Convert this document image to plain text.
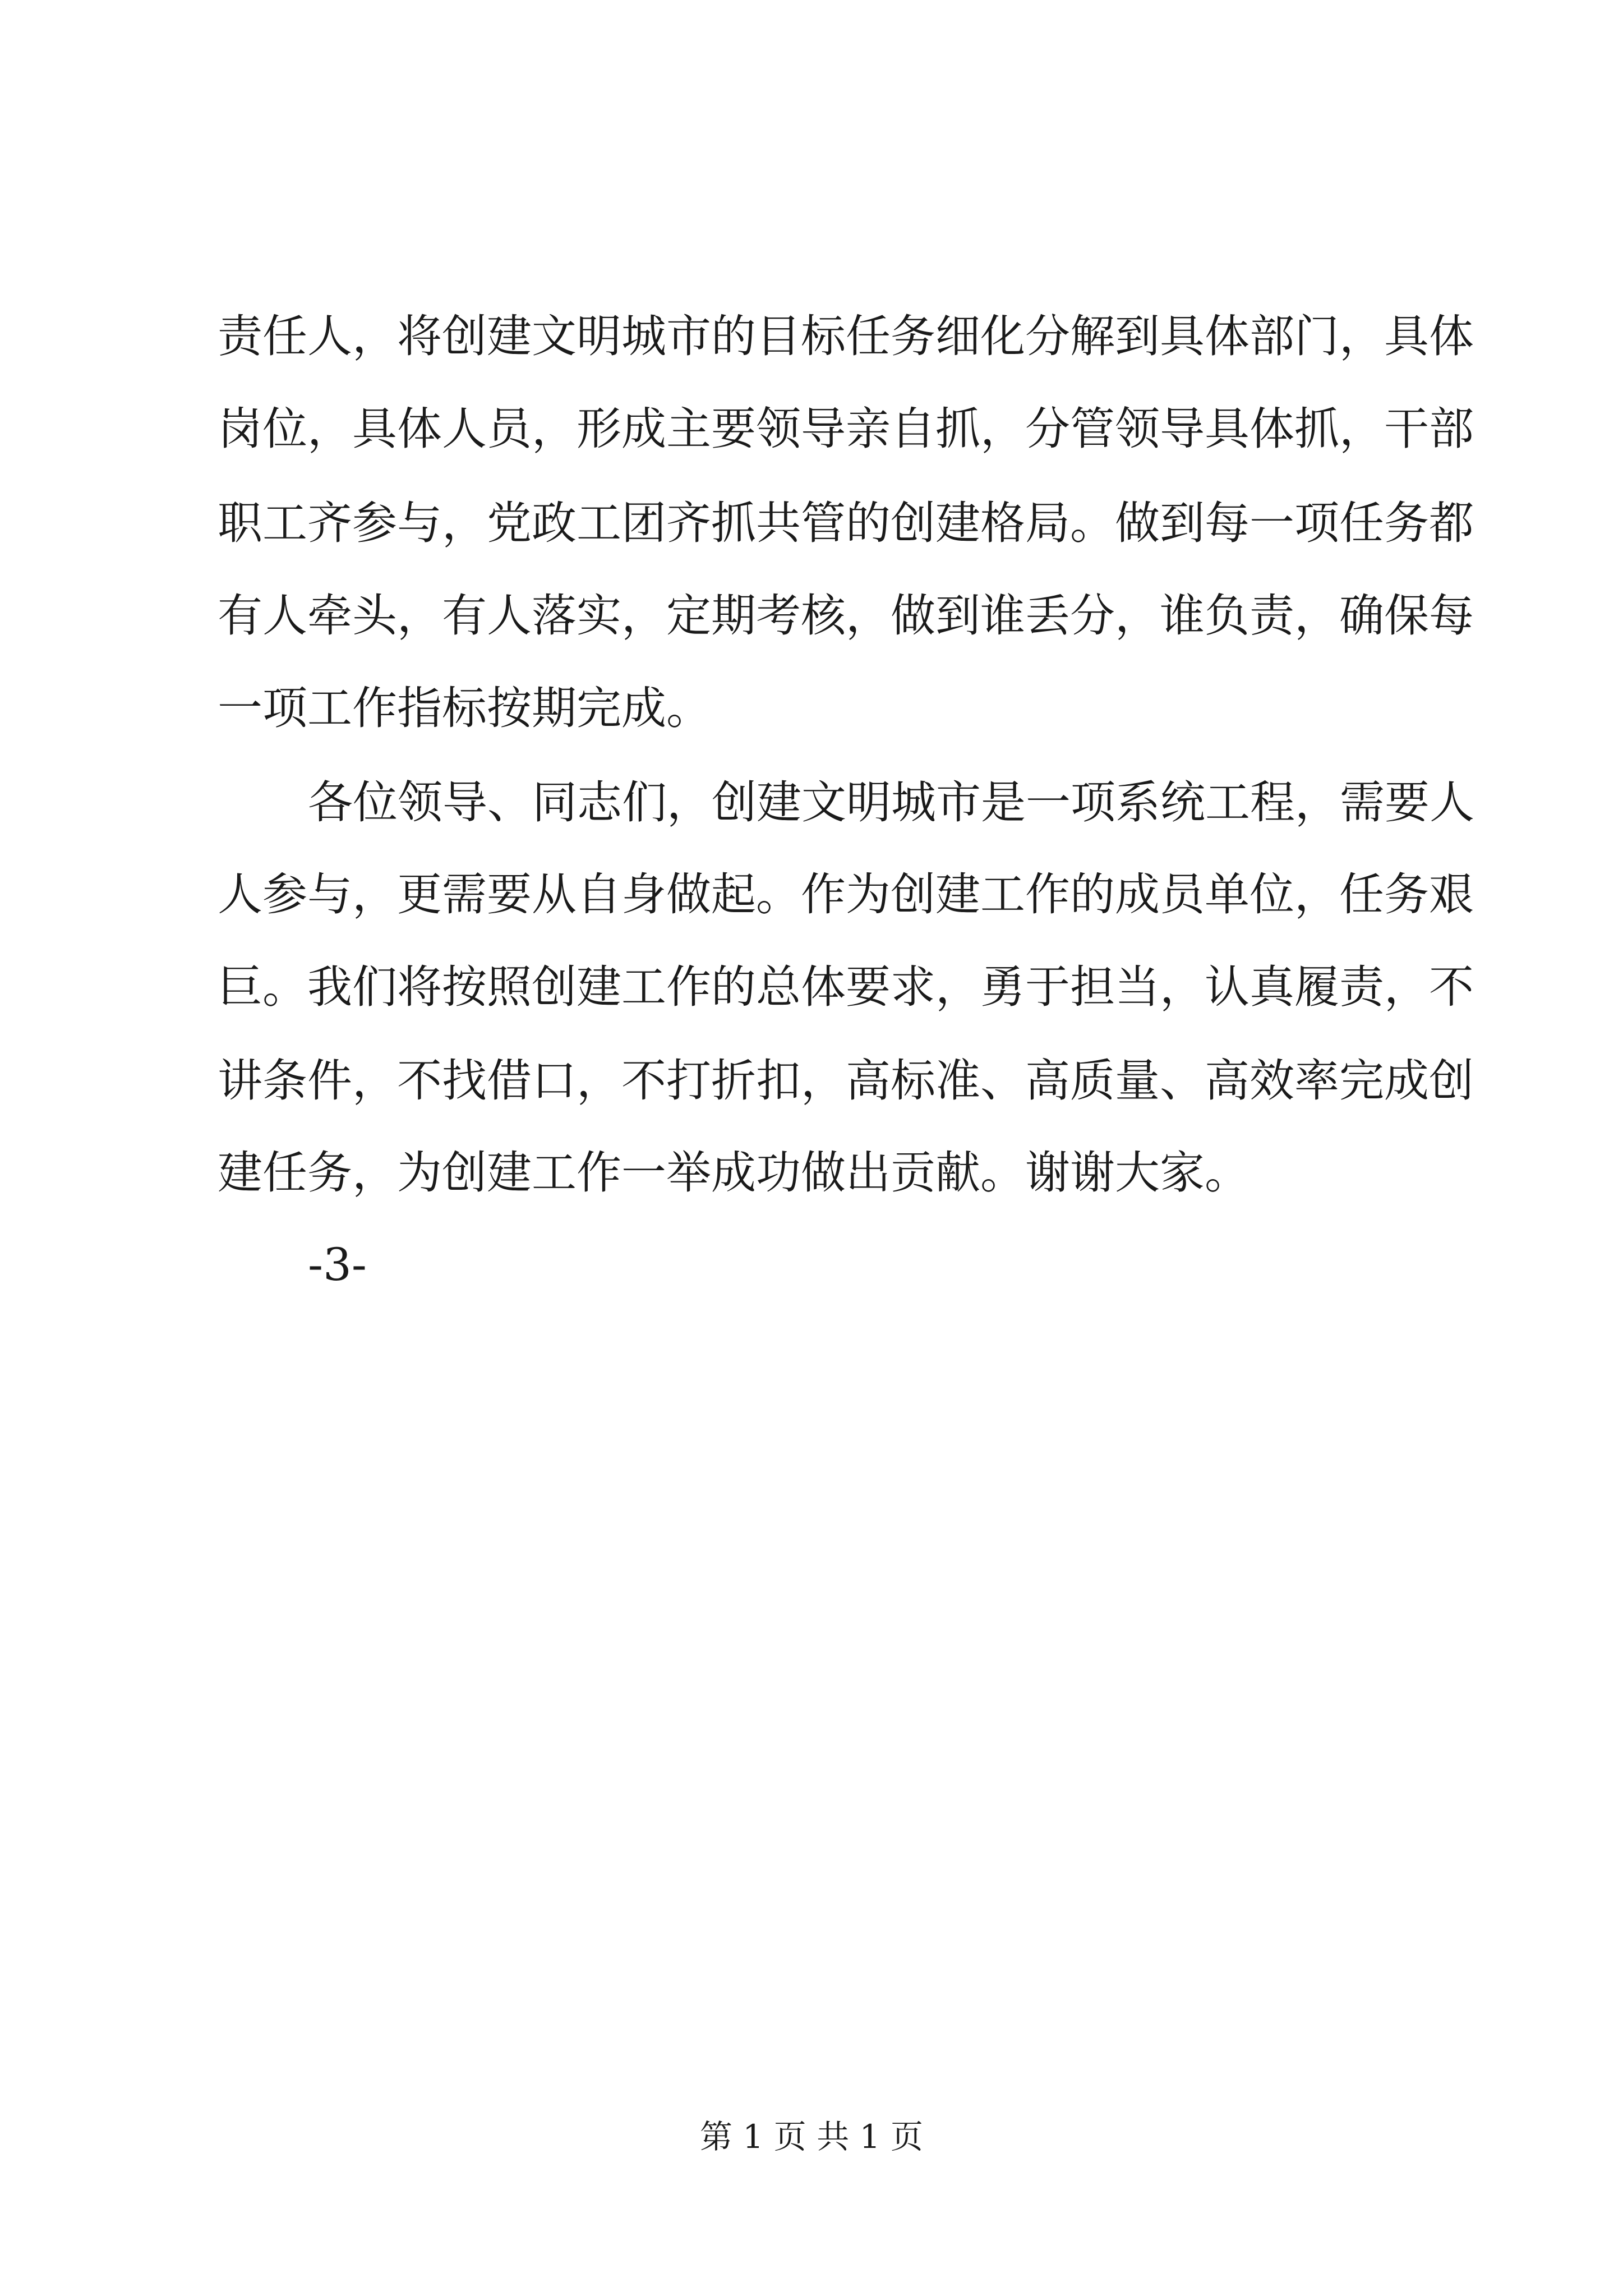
责任人，将创建文明城市的目标任务细化分解到具体部门，具体
岗位，具体人员，形成主要领导亲自抓，分管领导具体抓，干部
职工齐参与，党政工团齐抓共管的创建格局。做到每一项任务都
有人牵头，有人落实，定期考核，做到谁丢分，谁负责，确保每
一项工作指标按期完成。
各位领导、同志们，创建文明城市是一项系统工程，需要人
人参与，更需要从自身做起。作为创建工作的成员单位，任务艰
巨。我们将按照创建工作的总体要求，勇于担当，认真履责，不
讲条件，不找借口，不打折扣，高标准、高质量、高效率完成创
建任务，为创建工作一举成功做出贡献。谢谢大家。
-3-
第 1 页 共 1 页
